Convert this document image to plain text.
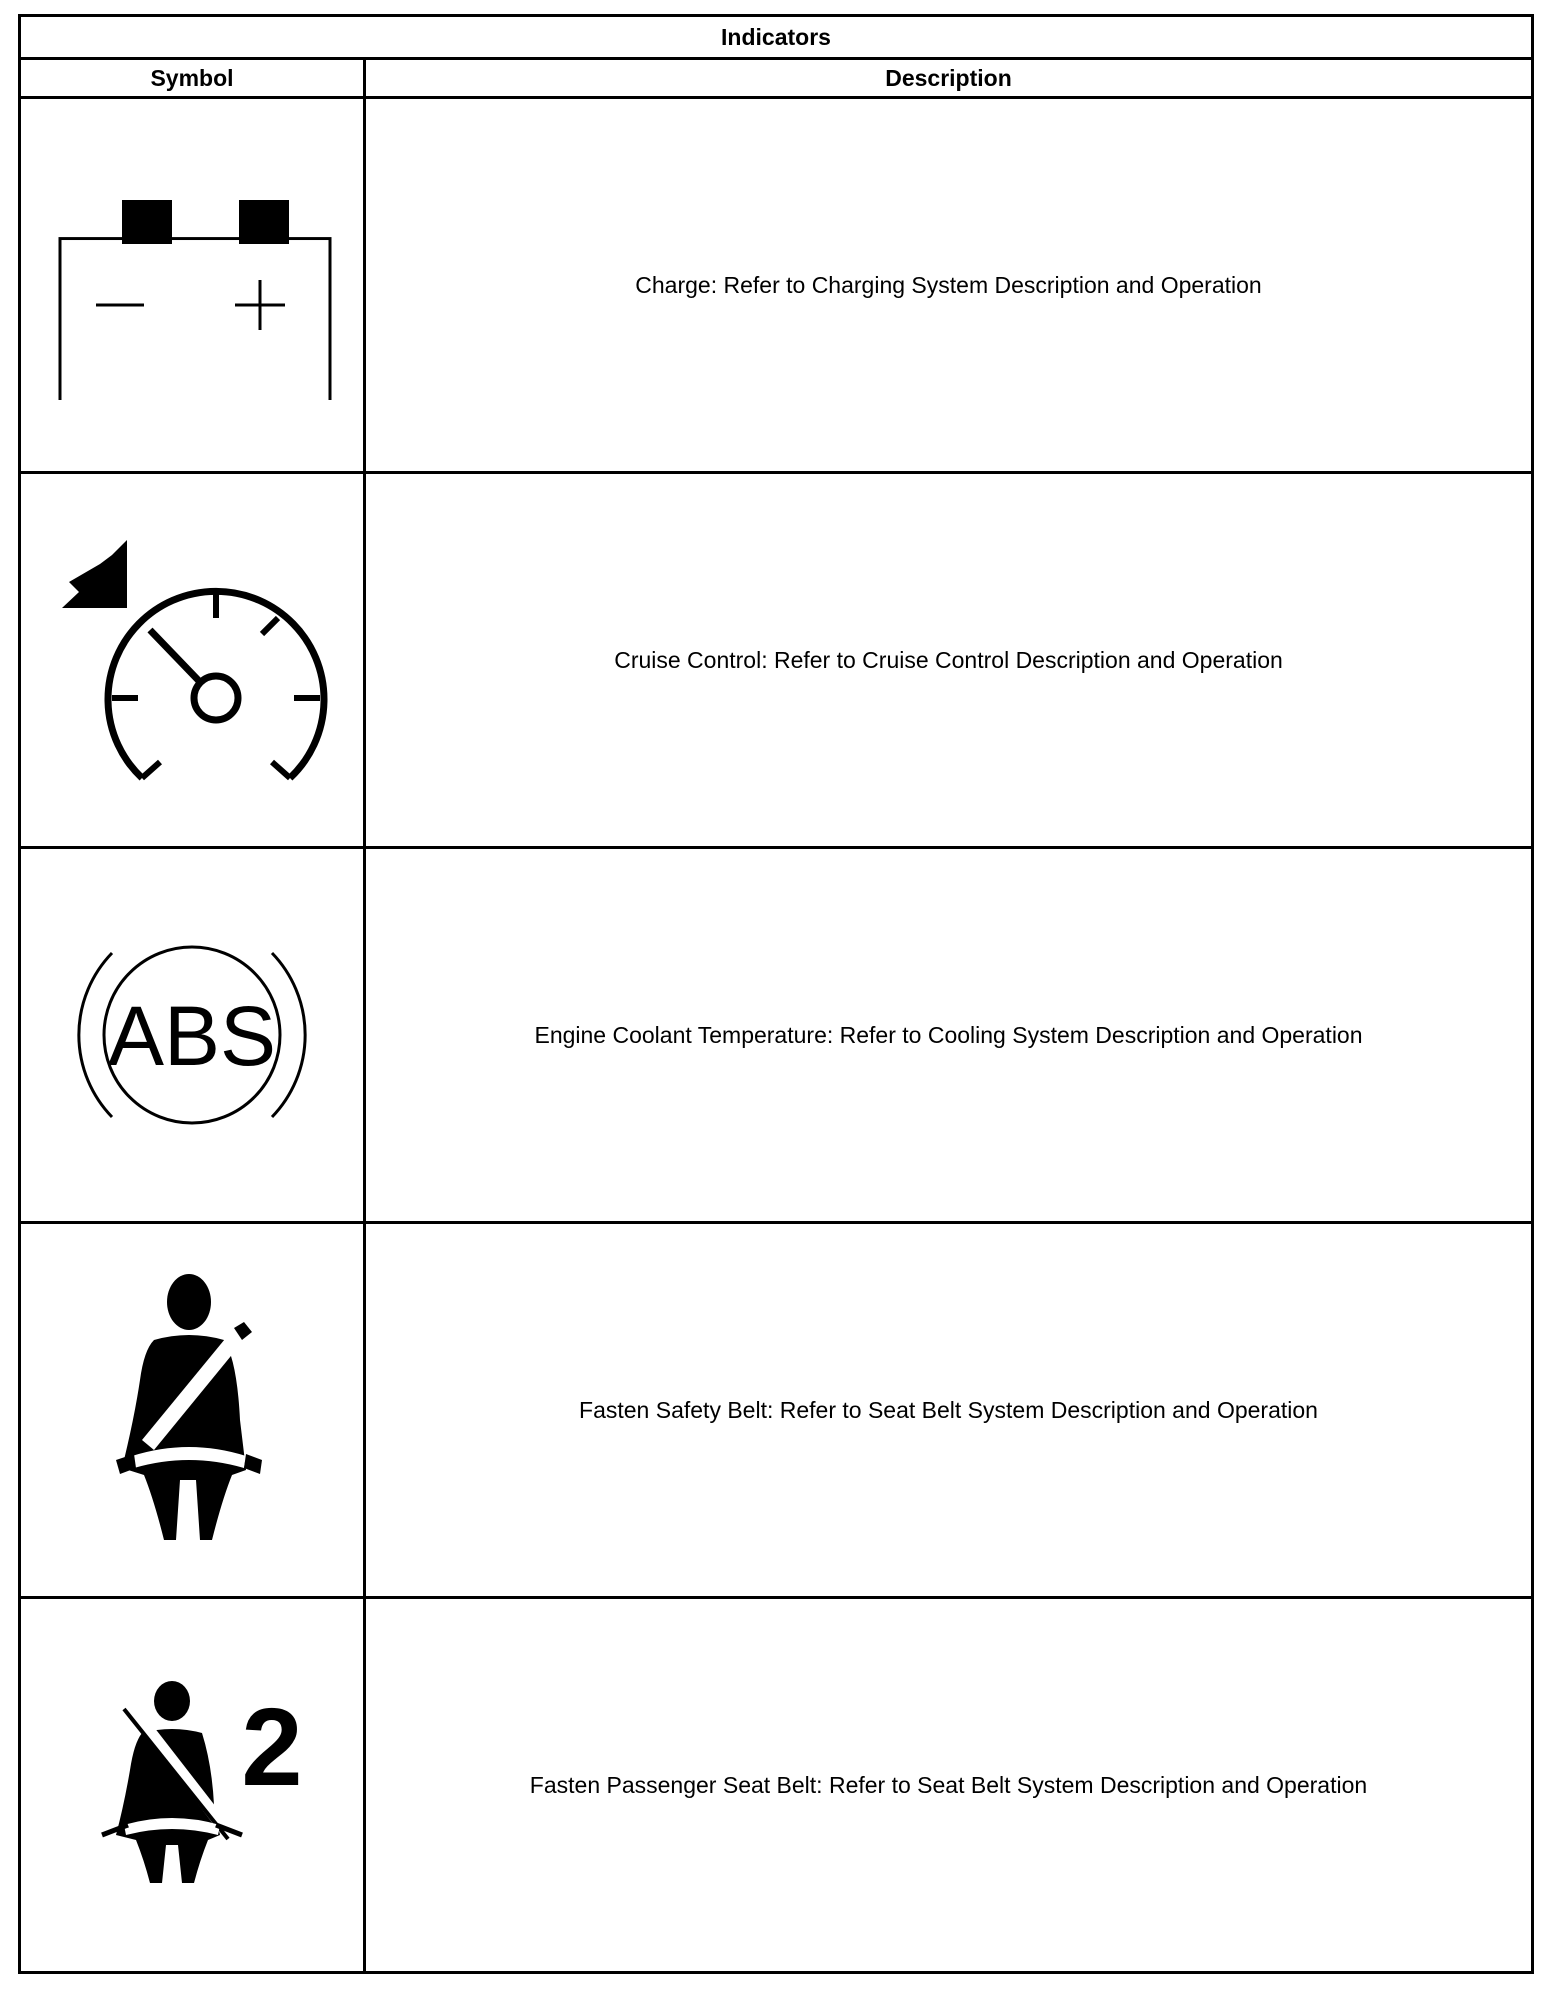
Indicators	
Symbol	Description

	Charge: Refer to Charging System Description and Operation

	Cruise Control: Refer to Cruise Control Description and Operation

ABS	Engine Coolant Temperature: Refer to Cooling System Description and Operation

	Fasten Safety Belt: Refer to Seat Belt System Description and Operation

2	Fasten Passenger Seat Belt: Refer to Seat Belt System Description and Operation
